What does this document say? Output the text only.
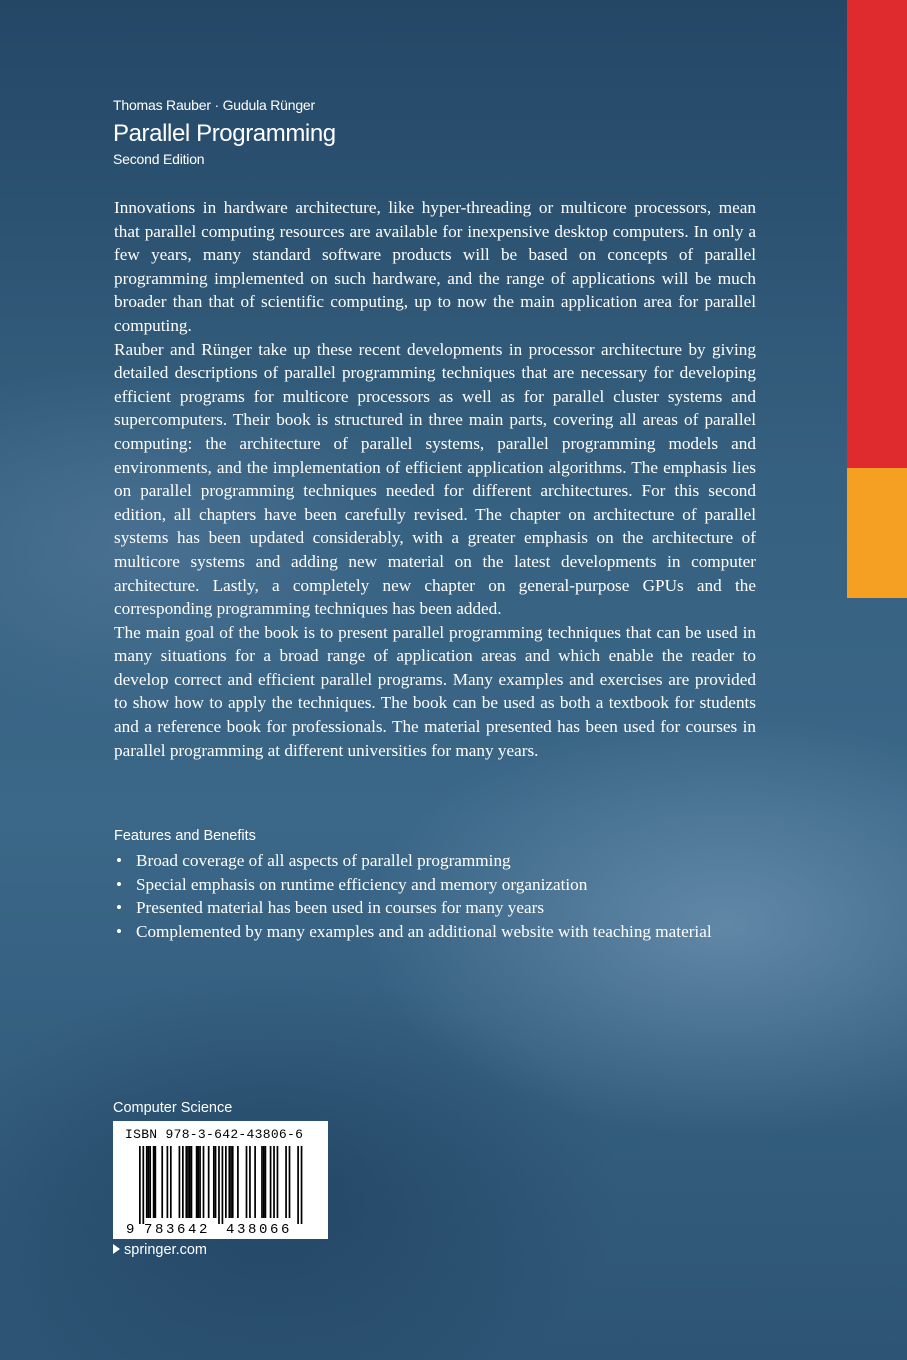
Thomas Rauber · Gudula Rünger

Parallel Programming

Second Edition

Innovations in hardware architecture, like hyper-threading or multicore processors, mean that parallel computing resources are available for inexpensive desktop computers. In only a few years, many standard software products will be based on concepts of parallel programming implemented on such hardware, and the range of applications will be much broader than that of scientific computing, up to now the main application area for parallel computing.

Rauber and Rünger take up these recent developments in processor architecture by giving detailed descriptions of parallel programming techniques that are necessary for developing efficient programs for multicore processors as well as for parallel cluster systems and supercomputers. Their book is structured in three main parts, covering all areas of parallel computing: the architecture of parallel systems, parallel programming models and environments, and the implementation of efficient application algorithms. The emphasis lies on parallel programming techniques needed for different architectures. For this second edition, all chapters have been carefully revised. The chapter on architecture of parallel systems has been updated considerably, with a greater emphasis on the architecture of multicore systems and adding new material on the latest developments in computer architecture. Lastly, a completely new chapter on general-purpose GPUs and the corresponding programming techniques has been added.

The main goal of the book is to present parallel programming techniques that can be used in many situations for a broad range of application areas and which enable the reader to develop correct and efficient parallel programs. Many examples and exercises are provided to show how to apply the techniques. The book can be used as both a textbook for students and a reference book for professionals. The material presented has been used for courses in parallel programming at different universities for many years.

Features and Benefits

• Broad coverage of all aspects of parallel programming
• Special emphasis on runtime efficiency and memory organization
• Presented material has been used in courses for many years
• Complemented by many examples and an additional website with teaching material
Computer Science
ISBN 978-3-642-43806-6
9 783642 438066
springer.com
